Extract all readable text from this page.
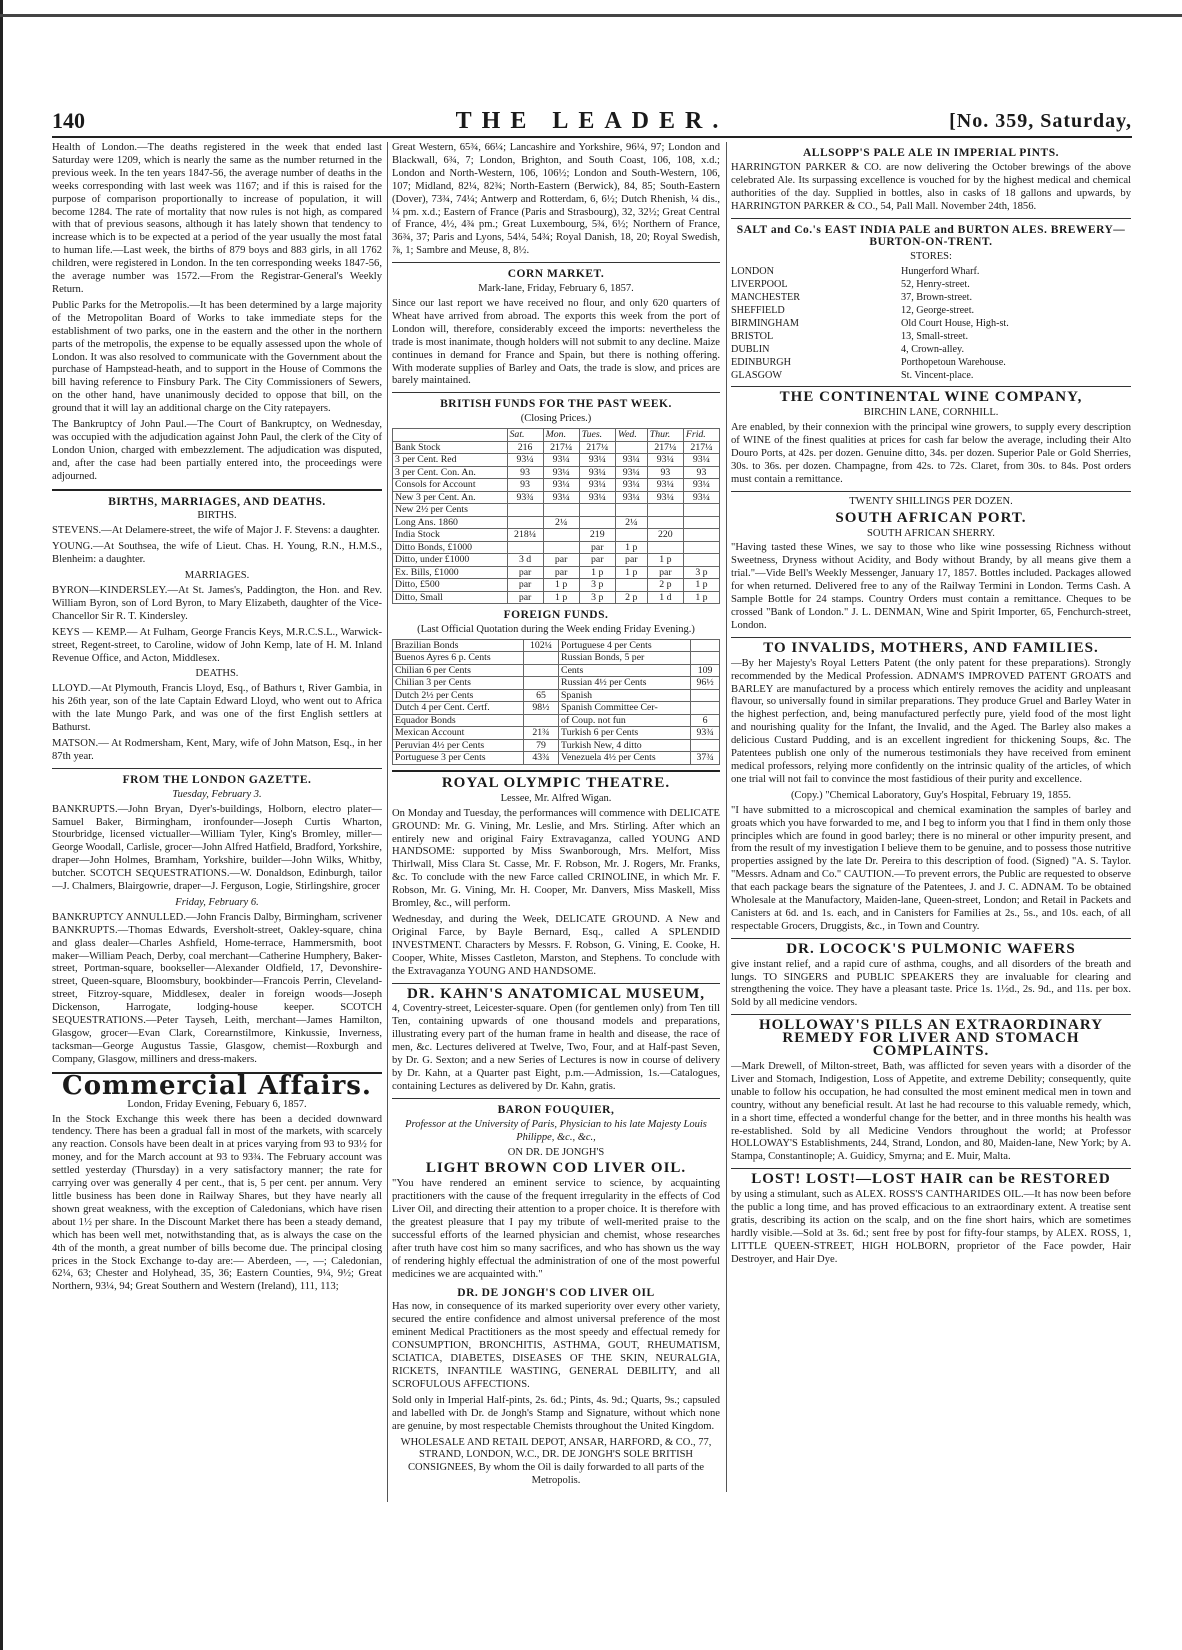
140	THE LEADER.	[No. 359, Saturday,

Health of London.—The deaths registered in the week that ended last Saturday were 1209, which is nearly the same as the number returned in the previous week. In the ten years 1847-56, the average number of deaths in the weeks corresponding with last week was 1167; and if this is raised for the purpose of comparison proportionally to increase of population, it will become 1284. The rate of mortality that now rules is not high, as compared with that of previous seasons, although it has lately shown that tendency to increase which is to be expected at a period of the year usually the most fatal to human life.—Last week, the births of 879 boys and 883 girls, in all 1762 children, were registered in London. In the ten corresponding weeks 1847-56, the average number was 1572.—From the Registrar-General's Weekly Return.

Public Parks for the Metropolis.—It has been determined by a large majority of the Metropolitan Board of Works to take immediate steps for the establishment of two parks, one in the eastern and the other in the northern parts of the metropolis, the expense to be equally assessed upon the whole of London. It was also resolved to communicate with the Government about the purchase of Hampstead-heath, and to support in the House of Commons the bill having reference to Finsbury Park. The City Commissioners of Sewers, on the other hand, have unanimously decided to oppose that bill, on the ground that it will lay an additional charge on the City ratepayers.

The Bankruptcy of John Paul.—The Court of Bankruptcy, on Wednesday, was occupied with the adjudication against John Paul, the clerk of the City of London Union, charged with embezzlement. The adjudication was disputed, and, after the case had been partially entered into, the proceedings were adjourned.

BIRTHS, MARRIAGES, AND DEATHS.
BIRTHS.

STEVENS.—At Delamere-street, the wife of Major J. F. Stevens: a daughter.

YOUNG.—At Southsea, the wife of Lieut. Chas. H. Young, R.N., H.M.S., Blenheim: a daughter.

MARRIAGES.

BYRON—KINDERSLEY.—At St. James's, Paddington, the Hon. and Rev. William Byron, son of Lord Byron, to Mary Elizabeth, daughter of the Vice-Chancellor Sir R. T. Kindersley.

KEYS — KEMP.— At Fulham, George Francis Keys, M.R.C.S.L., Warwick-street, Regent-street, to Caroline, widow of John Kemp, late of H. M. Inland Revenue Office, and Acton, Middlesex.

DEATHS.

LLOYD.—At Plymouth, Francis Lloyd, Esq., of Bathurs t, River Gambia, in his 26th year, son of the late Captain Edward Lloyd, who went out to Africa with the late Mungo Park, and was one of the first English settlers at Bathurst.

MATSON.— At Rodmersham, Kent, Mary, wife of John Matson, Esq., in her 87th year.

FROM THE LONDON GAZETTE.
Tuesday, February 3.

BANKRUPTS.—John Bryan, Dyer's-buildings, Holborn, electro plater—Samuel Baker, Birmingham, ironfounder—Joseph Curtis Wharton, Stourbridge, licensed victualler—William Tyler, King's Bromley, miller—George Woodall, Carlisle, grocer—John Alfred Hatfield, Bradford, Yorkshire, draper—John Holmes, Bramham, Yorkshire, builder—John Wilks, Whitby, butcher. SCOTCH SEQUESTRATIONS.—W. Donaldson, Edinburgh, tailor—J. Chalmers, Blairgowrie, draper—J. Ferguson, Logie, Stirlingshire, grocer

Friday, February 6.

BANKRUPTCY ANNULLED.—John Francis Dalby, Birmingham, scrivener BANKRUPTS.—Thomas Edwards, Eversholt-street, Oakley-square, china and glass dealer—Charles Ashfield, Home-terrace, Hammersmith, boot maker—William Peach, Derby, coal merchant—Catherine Humphery, Baker-street, Portman-square, bookseller—Alexander Oldfield, 17, Devonshire-street, Queen-square, Bloomsbury, bookbinder—Francois Perrin, Cleveland-street, Fitzroy-square, Middlesex, dealer in foreign woods—Joseph Dickenson, Harrogate, lodging-house keeper. SCOTCH SEQUESTRATIONS.—Peter Tayseh, Leith, merchant—James Hamilton, Glasgow, grocer—Evan Clark, Corearnstilmore, Kinkussie, Inverness, tacksman—George Augustus Tassie, Glasgow, chemist—Roxburgh and Company, Glasgow, milliners and dress-makers.

Commercial Affairs.
London, Friday Evening, Febuary 6, 1857.

In the Stock Exchange this week there has been a decided downward tendency. There has been a gradual fall in most of the markets, with scarcely any reaction. Consols have been dealt in at prices varying from 93 to 93½ for money, and for the March account at 93 to 93¾. The February account was settled yesterday (Thursday) in a very satisfactory manner; the rate for carrying over was generally 4 per cent., that is, 5 per cent. per annum. Very little business has been done in Railway Shares, but they have nearly all shown great weakness, with the exception of Caledonians, which have risen about 1½ per share. In the Discount Market there has been a steady demand, which has been well met, notwithstanding that, as is always the case on the 4th of the month, a great number of bills become due. The principal closing prices in the Stock Exchange to-day are:— Aberdeen, —, —; Caledonian, 62¼, 63; Chester and Holyhead, 35, 36; Eastern Counties, 9¼, 9½; Great Northern, 93¼, 94; Great Southern and Western (Ireland), 111, 113;

Great Western, 65¾, 66¼; Lancashire and Yorkshire, 96¼, 97; London and Blackwall, 6¾, 7; London, Brighton, and South Coast, 106, 108, x.d.; London and North-Western, 106, 106½; London and South-Western, 106, 107; Midland, 82¼, 82¾; North-Eastern (Berwick), 84, 85; South-Eastern (Dover), 73¾, 74¼; Antwerp and Rotterdam, 6, 6½; Dutch Rhenish, ¼ dis., ¼ pm. x.d.; Eastern of France (Paris and Strasbourg), 32, 32½; Great Central of France, 4½, 4¾ pm.; Great Luxembourg, 5¾, 6½; Northern of France, 36¾, 37; Paris and Lyons, 54¼, 54¾; Royal Danish, 18, 20; Royal Swedish, ⅞, 1; Sambre and Meuse, 8, 8½.

CORN MARKET.
Mark-lane, Friday, February 6, 1857.

Since our last report we have received no flour, and only 620 quarters of Wheat have arrived from abroad. The exports this week from the port of London will, therefore, considerably exceed the imports: nevertheless the trade is most inanimate, though holders will not submit to any decline. Maize continues in demand for France and Spain, but there is nothing offering. With moderate supplies of Barley and Oats, the trade is slow, and prices are barely maintained.

BRITISH FUNDS FOR THE PAST WEEK.
(Closing Prices.)
	Sat.	Mon.	Tues.	Wed.	Thur.	Frid.
Bank Stock	216	217¼	217¼		217¼	217¼
3 per Cent. Red	93¼	93¼	93¼	93¼	93¼	93¼
3 per Cent. Con. An.	93	93¼	93¼	93¼	93	93
Consols for Account	93	93¼	93¼	93¼	93¼	93¼
New 3 per Cent. An.	93¾	93¼	93¼	93¼	93¼	93¼
New 2½ per Cents						
Long Ans. 1860		2¼		2¼		
India Stock	218¼		219		220	
Ditto Bonds, £1000			par	1 p		
Ditto, under £1000	3 d	par	par	par	1 p	
Ex. Bills, £1000	par	par	1 p	1 p	par	3 p
Ditto, £500	par	1 p	3 p		2 p	1 p
Ditto, Small	par	1 p	3 p	2 p	1 d	1 p
FOREIGN FUNDS.
(Last Official Quotation during the Week ending Friday Evening.)
Brazilian Bonds	102¼	Portuguese 4 per Cents	
Buenos Ayres 6 p. Cents		Russian Bonds, 5 per	
Chilian 6 per Cents		Cents	109
Chilian 3 per Cents		Russian 4½ per Cents	96½
Dutch 2½ per Cents	65	Spanish	
Dutch 4 per Cent. Certf.	98½	Spanish Committee Cer-	
Equador Bonds		of Coup. not fun	6
Mexican Account	21¾	Turkish 6 per Cents	93¾
Peruvian 4½ per Cents	79	Turkish New, 4 ditto	
Portuguese 3 per Cents	43¾	Venezuela 4½ per Cents	37¾
ROYAL OLYMPIC THEATRE.
Lessee, Mr. Alfred Wigan.

On Monday and Tuesday, the performances will commence with DELICATE GROUND: Mr. G. Vining, Mr. Leslie, and Mrs. Stirling. After which an entirely new and original Fairy Extravaganza, called YOUNG AND HANDSOME: supported by Miss Swanborough, Mrs. Melfort, Miss Thirlwall, Miss Clara St. Casse, Mr. F. Robson, Mr. J. Rogers, Mr. Franks, &c. To conclude with the new Farce called CRINOLINE, in which Mr. F. Robson, Mr. G. Vining, Mr. H. Cooper, Mr. Danvers, Miss Maskell, Miss Bromley, &c., will perform.

Wednesday, and during the Week, DELICATE GROUND. A New and Original Farce, by Bayle Bernard, Esq., called A SPLENDID INVESTMENT. Characters by Messrs. F. Robson, G. Vining, E. Cooke, H. Cooper, White, Misses Castleton, Marston, and Stephens. To conclude with the Extravaganza YOUNG AND HANDSOME.

DR. KAHN'S ANATOMICAL MUSEUM,

4, Coventry-street, Leicester-square. Open (for gentlemen only) from Ten till Ten, containing upwards of one thousand models and preparations, illustrating every part of the human frame in health and disease, the race of men, &c. Lectures delivered at Twelve, Two, Four, and at Half-past Seven, by Dr. G. Sexton; and a new Series of Lectures is now in course of delivery by Dr. Kahn, at a Quarter past Eight, p.m.—Admission, 1s.—Catalogues, containing Lectures as delivered by Dr. Kahn, gratis.

BARON FOUQUIER,
Professor at the University of Paris, Physician to his late Majesty Louis Philippe, &c., &c.,
ON DR. DE JONGH'S
LIGHT BROWN COD LIVER OIL.

"You have rendered an eminent service to science, by acquainting practitioners with the cause of the frequent irregularity in the effects of Cod Liver Oil, and directing their attention to a proper choice. It is therefore with the greatest pleasure that I pay my tribute of well-merited praise to the successful efforts of the learned physician and chemist, whose researches after truth have cost him so many sacrifices, and who has shown us the way of rendering highly effectual the administration of one of the most powerful medicines we are acquainted with."

DR. DE JONGH'S COD LIVER OIL

Has now, in consequence of its marked superiority over every other variety, secured the entire confidence and almost universal preference of the most eminent Medical Practitioners as the most speedy and effectual remedy for CONSUMPTION, BRONCHITIS, ASTHMA, GOUT, RHEUMATISM, SCIATICA, DIABETES, DISEASES OF THE SKIN, NEURALGIA, RICKETS, INFANTILE WASTING, GENERAL DEBILITY, and all SCROFULOUS AFFECTIONS.

Sold only in Imperial Half-pints, 2s. 6d.; Pints, 4s. 9d.; Quarts, 9s.; capsuled and labelled with Dr. de Jongh's Stamp and Signature, without which none are genuine, by most respectable Chemists throughout the United Kingdom.

WHOLESALE AND RETAIL DEPOT, ANSAR, HARFORD, & CO., 77, STRAND, LONDON, W.C., DR. DE JONGH'S SOLE BRITISH CONSIGNEES, By whom the Oil is daily forwarded to all parts of the Metropolis.

ALLSOPP'S PALE ALE IN IMPERIAL PINTS.

HARRINGTON PARKER & CO. are now delivering the October brewings of the above celebrated Ale. Its surpassing excellence is vouched for by the highest medical and chemical authorities of the day. Supplied in bottles, also in casks of 18 gallons and upwards, by HARRINGTON PARKER & CO., 54, Pall Mall. November 24th, 1856.

SALT and Co.'s EAST INDIA PALE and BURTON ALES. BREWERY—BURTON-ON-TRENT.
STORES:
LONDON	Hungerford Wharf.
LIVERPOOL	52, Henry-street.
MANCHESTER	37, Brown-street.
SHEFFIELD	12, George-street.
BIRMINGHAM	Old Court House, High-st.
BRISTOL	13, Small-street.
DUBLIN	4, Crown-alley.
EDINBURGH	Porthopetoun Warehouse.
GLASGOW	St. Vincent-place.
THE CONTINENTAL WINE COMPANY,
BIRCHIN LANE, CORNHILL.

Are enabled, by their connexion with the principal wine growers, to supply every description of WINE of the finest qualities at prices for cash far below the average, including their Alto Douro Ports, at 42s. per dozen. Genuine ditto, 34s. per dozen. Superior Pale or Gold Sherries, 30s. to 36s. per dozen. Champagne, from 42s. to 72s. Claret, from 30s. to 84s. Post orders must contain a remittance.

TWENTY SHILLINGS PER DOZEN.
SOUTH AFRICAN PORT.
SOUTH AFRICAN SHERRY.

"Having tasted these Wines, we say to those who like wine possessing Richness without Sweetness, Dryness without Acidity, and Body without Brandy, by all means give them a trial."—Vide Bell's Weekly Messenger, January 17, 1857. Bottles included. Packages allowed for when returned. Delivered free to any of the Railway Termini in London. Terms Cash. A Sample Bottle for 24 stamps. Country Orders must contain a remittance. Cheques to be crossed "Bank of London." J. L. DENMAN, Wine and Spirit Importer, 65, Fenchurch-street, London.

TO INVALIDS, MOTHERS, AND FAMILIES.

—By her Majesty's Royal Letters Patent (the only patent for these preparations). Strongly recommended by the Medical Profession. ADNAM'S IMPROVED PATENT GROATS and BARLEY are manufactured by a process which entirely removes the acidity and unpleasant flavour, so universally found in similar preparations. They produce Gruel and Barley Water in the highest perfection, and, being manufactured perfectly pure, yield food of the most light and nourishing quality for the Infant, the Invalid, and the Aged. The Barley also makes a delicious Custard Pudding, and is an excellent ingredient for thickening Soups, &c. The Patentees publish one only of the numerous testimonials they have received from eminent medical professors, relying more confidently on the intrinsic quality of the articles, of which one trial will not fail to convince the most fastidious of their purity and excellence.

(Copy.) "Chemical Laboratory, Guy's Hospital, February 19, 1855.

"I have submitted to a microscopical and chemical examination the samples of barley and groats which you have forwarded to me, and I beg to inform you that I find in them only those principles which are found in good barley; there is no mineral or other impurity present, and from the result of my investigation I believe them to be genuine, and to possess those nutritive properties assigned by the late Dr. Pereira to this description of food. (Signed) "A. S. Taylor. "Messrs. Adnam and Co." CAUTION.—To prevent errors, the Public are requested to observe that each package bears the signature of the Patentees, J. and J. C. ADNAM. To be obtained Wholesale at the Manufactory, Maiden-lane, Queen-street, London; and Retail in Packets and Canisters at 6d. and 1s. each, and in Canisters for Families at 2s., 5s., and 10s. each, of all respectable Grocers, Druggists, &c., in Town and Country.

DR. LOCOCK'S PULMONIC WAFERS

give instant relief, and a rapid cure of asthma, coughs, and all disorders of the breath and lungs. TO SINGERS and PUBLIC SPEAKERS they are invaluable for clearing and strengthening the voice. They have a pleasant taste. Price 1s. 1½d., 2s. 9d., and 11s. per box. Sold by all medicine vendors.

HOLLOWAY'S PILLS AN EXTRAORDINARY REMEDY FOR LIVER AND STOMACH COMPLAINTS.

—Mark Drewell, of Milton-street, Bath, was afflicted for seven years with a disorder of the Liver and Stomach, Indigestion, Loss of Appetite, and extreme Debility; consequently, quite unable to follow his occupation, he had consulted the most eminent medical men in town and country, without any beneficial result. At last he had recourse to this valuable remedy, which, in a short time, effected a wonderful change for the better, and in three months his health was re-established. Sold by all Medicine Vendors throughout the world; at Professor HOLLOWAY'S Establishments, 244, Strand, London, and 80, Maiden-lane, New York; by A. Stampa, Constantinople; A. Guidicy, Smyrna; and E. Muir, Malta.

LOST! LOST!—LOST HAIR can be RESTORED

by using a stimulant, such as ALEX. ROSS'S CANTHARIDES OIL.—It has now been before the public a long time, and has proved efficacious to an extraordinary extent. A treatise sent gratis, describing its action on the scalp, and on the fine short hairs, which are sometimes hardly visible.—Sold at 3s. 6d.; sent free by post for fifty-four stamps, by ALEX. ROSS, 1, LITTLE QUEEN-STREET, HIGH HOLBORN, proprietor of the Face powder, Hair Destroyer, and Hair Dye.
